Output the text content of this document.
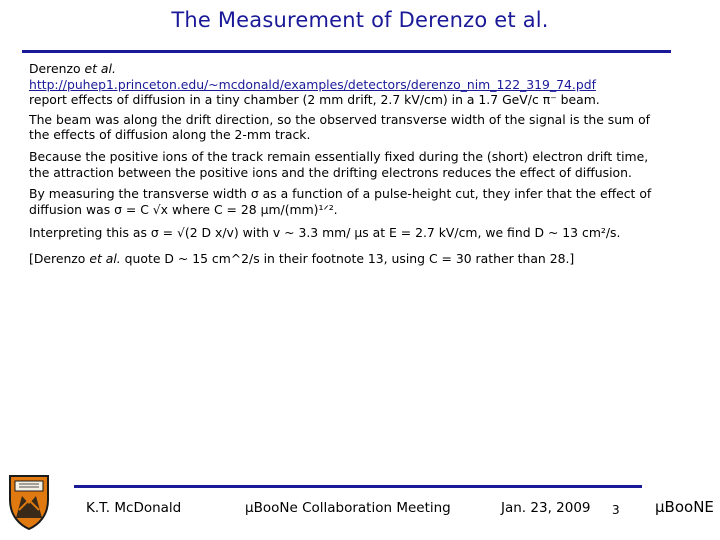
The Measurement of Derenzo et al.

Derenzo et al.
http://puhep1.princeton.edu/~mcdonald/examples/detectors/derenzo_nim_122_319_74.pdf
report effects of diffusion in a tiny chamber (2 mm drift, 2.7 kV/cm) in a 1.7 GeV/c π⁻ beam.

The beam was along the drift direction, so the observed transverse width of the signal is the sum of
the effects of diffusion along the 2-mm track.

Because the positive ions of the track remain essentially fixed during the (short) electron drift time,
the attraction between the positive ions and the drifting electrons reduces the effect of diffusion.

By measuring the transverse width σ as a function of a pulse-height cut, they infer that the effect of
diffusion was σ = C √x where C = 28 μm/(mm)¹ᐟ².

Interpreting this as σ = √(2 D x/v) with v ~ 3.3 mm/ μs at E = 2.7 kV/cm, we find D ~ 13 cm²/s.

[Derenzo et al. quote D ~ 15 cm^2/s in their footnote 13, using C = 30 rather than 28.]

K.T. McDonald	μBooNe Collaboration Meeting	Jan. 23, 2009 3 μBooNE
